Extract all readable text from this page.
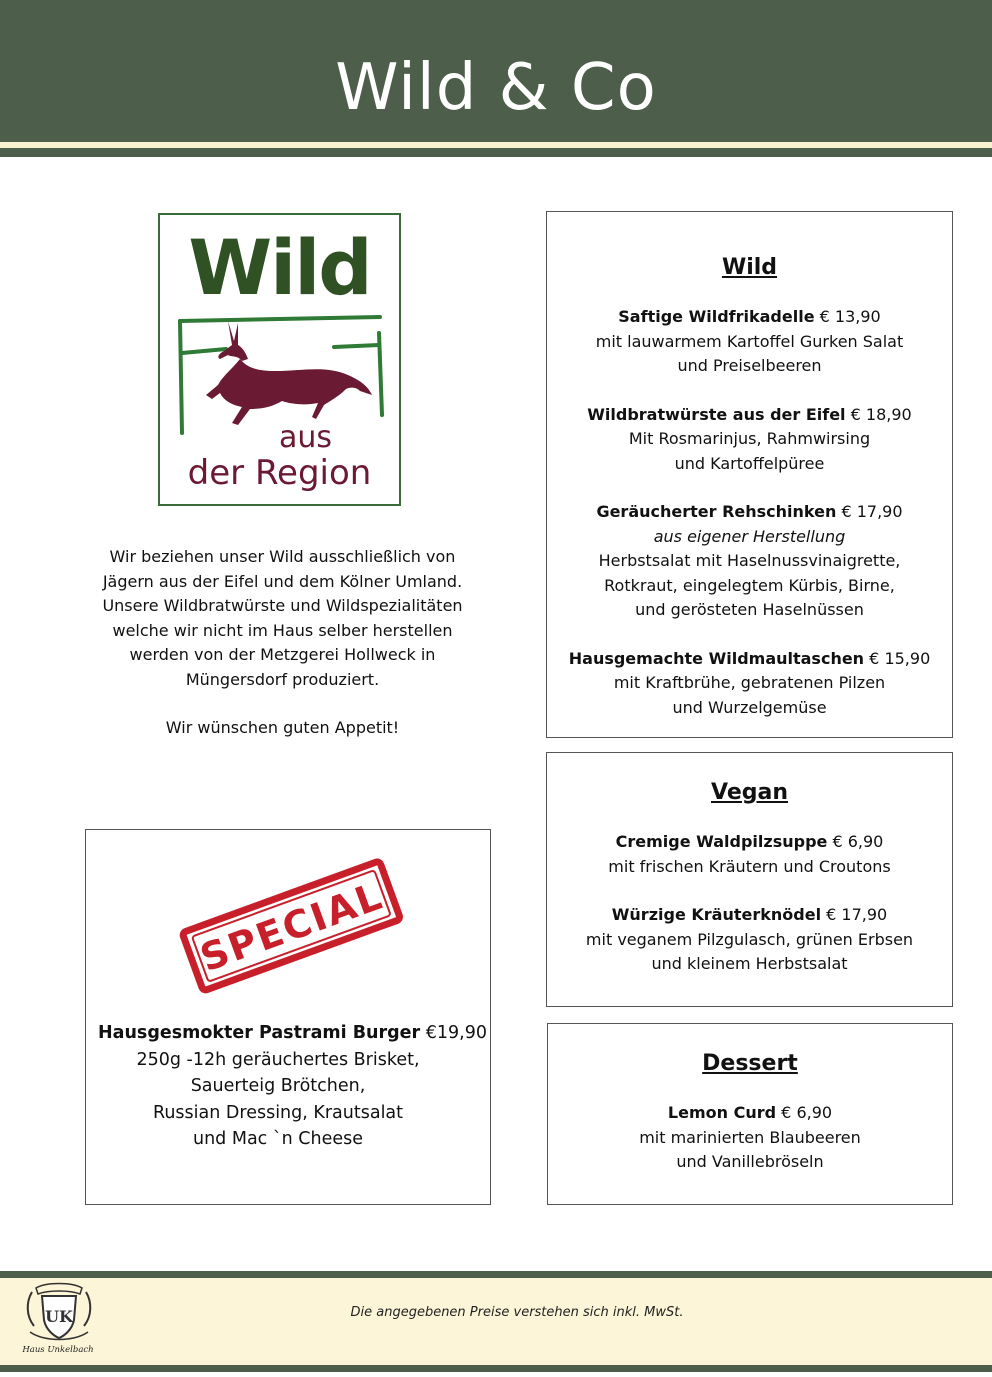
Wild & Co
Wild
aus
der Region

Wir beziehen unser Wild ausschließlich von

Jägern aus der Eifel und dem Kölner Umland.

Unsere Wildbratwürste und Wildspezialitäten

welche wir nicht im Haus selber herstellen

werden von der Metzgerei Hollweck in

Müngersdorf produziert.

Wir wünschen guten Appetit!

Wild
Saftige Wildfrikadelle € 13,90
mit lauwarmem Kartoffel Gurken Salat
und Preiselbeeren
Wildbratwürste aus der Eifel € 18,90
Mit Rosmarinjus, Rahmwirsing
und Kartoffelpüree
Geräucherter Rehschinken € 17,90
aus eigener Herstellung
Herbstsalat mit Haselnussvinaigrette,
Rotkraut, eingelegtem Kürbis, Birne,
und gerösteten Haselnüssen
Hausgemachte Wildmaultaschen € 15,90
mit Kraftbrühe, gebratenen Pilzen
und Wurzelgemüse
Vegan
Cremige Waldpilzsuppe € 6,90
mit frischen Kräutern und Croutons
Würzige Kräuterknödel € 17,90
mit veganem Pilzgulasch, grünen Erbsen
und kleinem Herbstsalat
Dessert
Lemon Curd € 6,90
mit marinierten Blaubeeren
und Vanillebröseln
SPECIAL
Hausgesmokter Pastrami Burger €19,90
250g -12h geräuchertes Brisket,
Sauerteig Brötchen,
Russian Dressing, Krautsalat
und Mac `n Cheese
UK
Haus Unkelbach
Die angegebenen Preise verstehen sich inkl. MwSt.
